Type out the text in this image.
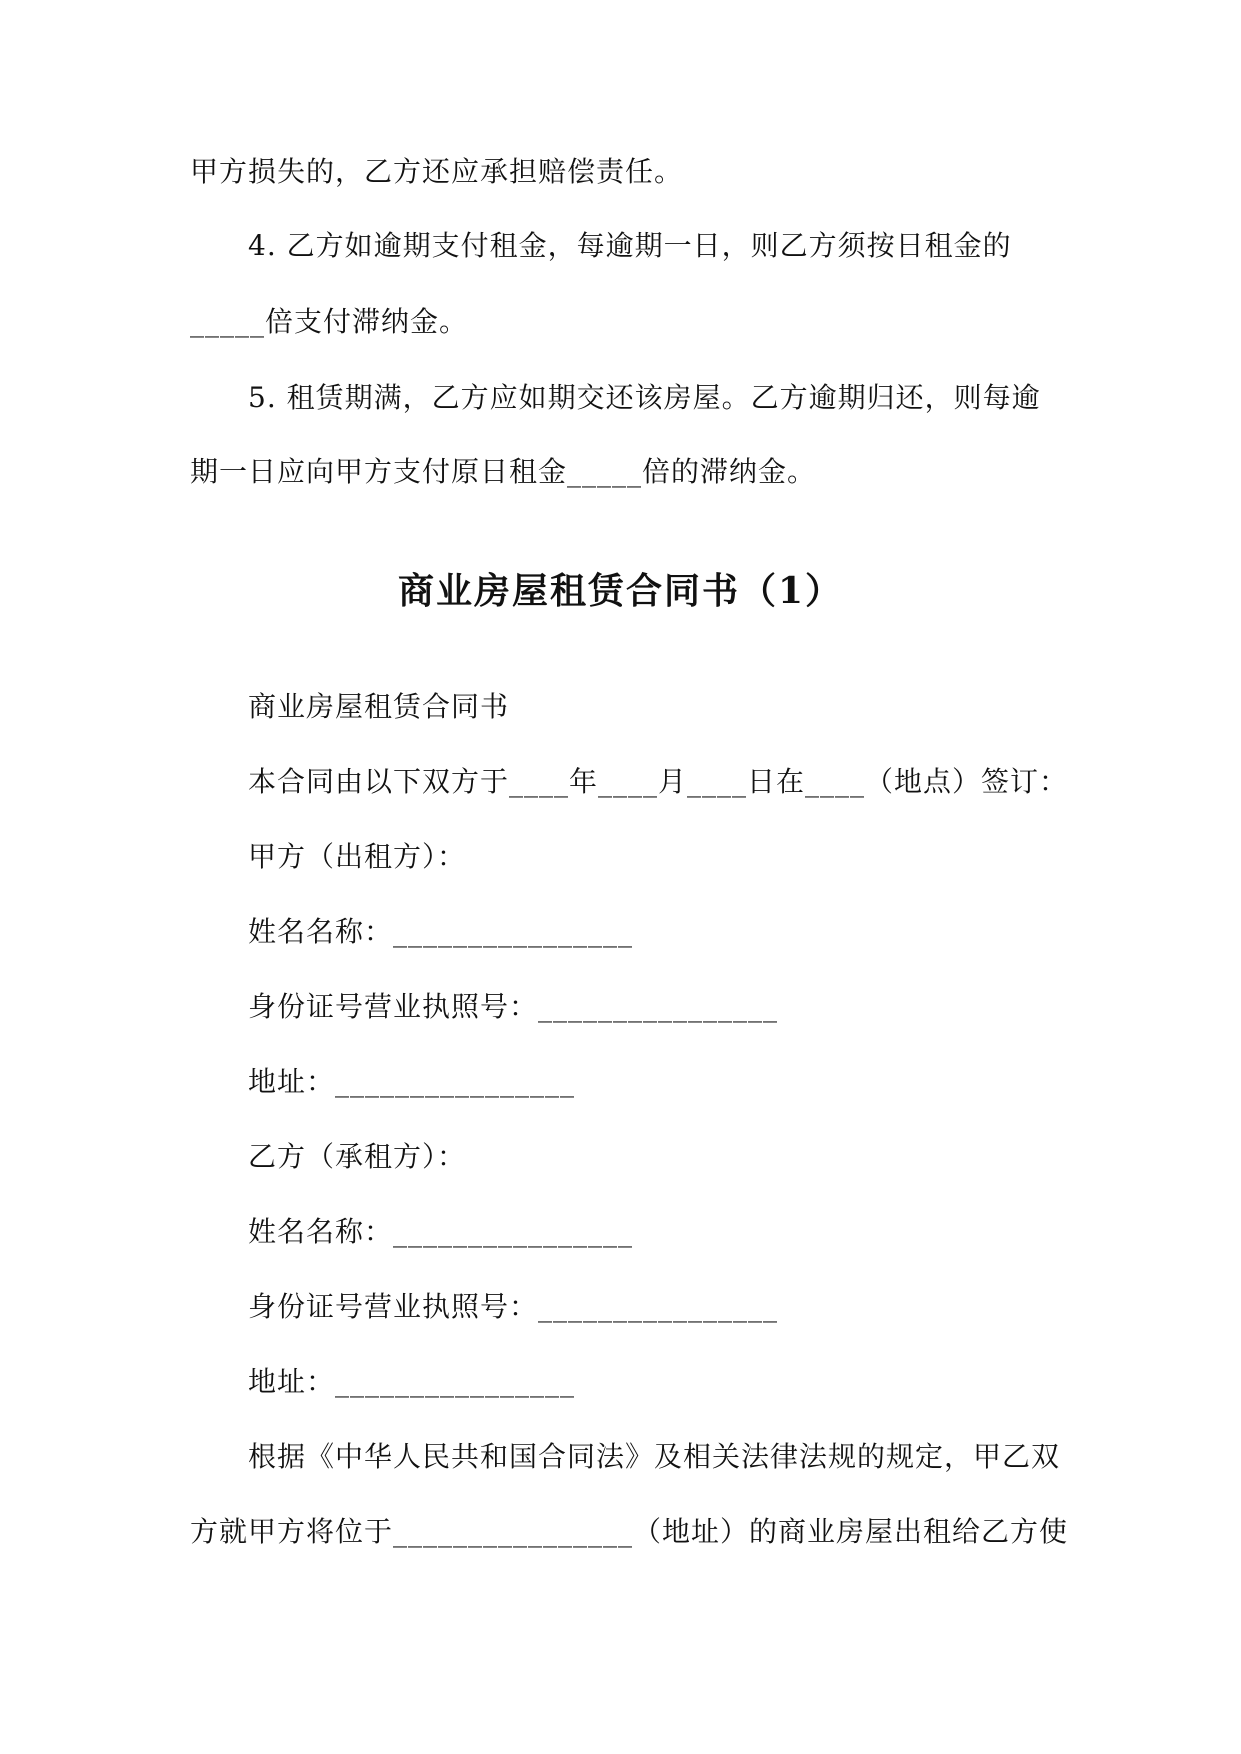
甲方损失的，乙方还应承担赔偿责任。
4. 乙方如逾期支付租金，每逾期一日，则乙方须按日租金的
_____倍支付滞纳金。
5. 租赁期满，乙方应如期交还该房屋。乙方逾期归还，则每逾
期一日应向甲方支付原日租金_____倍的滞纳金。
商业房屋租赁合同书（1）
商业房屋租赁合同书
本合同由以下双方于____年____月____日在____（地点）签订：
甲方（出租方）：
姓名名称：________________
身份证号营业执照号：________________
地址：________________
乙方（承租方）：
姓名名称：________________
身份证号营业执照号：________________
地址：________________
根据《中华人民共和国合同法》及相关法律法规的规定，甲乙双
方就甲方将位于________________（地址）的商业房屋出租给乙方使
